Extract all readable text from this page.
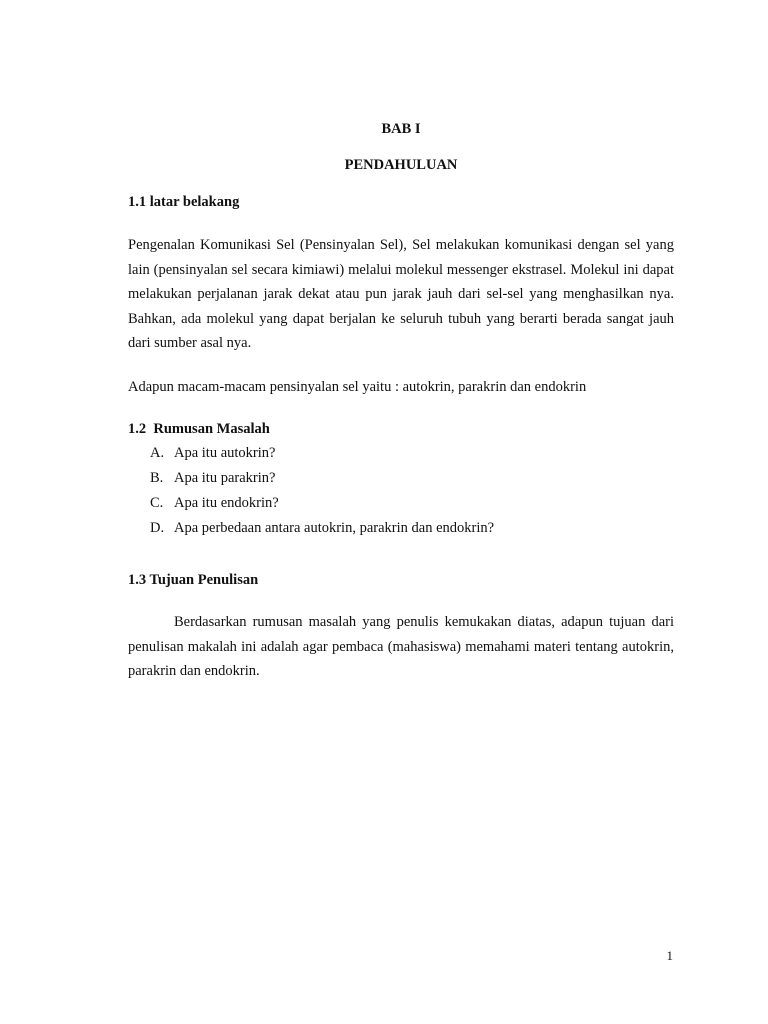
BAB I
PENDAHULUAN
1.1 latar belakang
Pengenalan Komunikasi Sel (Pensinyalan Sel), Sel melakukan komunikasi dengan sel yang lain (pensinyalan sel secara kimiawi) melalui molekul messenger ekstrasel. Molekul ini dapat melakukan perjalanan jarak dekat atau pun jarak jauh dari sel-sel yang menghasilkan nya. Bahkan, ada molekul yang dapat berjalan ke seluruh tubuh yang berarti berada sangat jauh dari sumber asal nya.
Adapun macam-macam pensinyalan sel yaitu : autokrin, parakrin dan endokrin
1.2  Rumusan Masalah
A. Apa itu autokrin?
B. Apa itu parakrin?
C. Apa itu endokrin?
D. Apa perbedaan antara autokrin, parakrin dan endokrin?
1.3 Tujuan Penulisan
Berdasarkan rumusan masalah yang penulis kemukakan diatas, adapun tujuan dari penulisan makalah ini adalah agar pembaca (mahasiswa) memahami materi tentang autokrin, parakrin dan endokrin.
1
